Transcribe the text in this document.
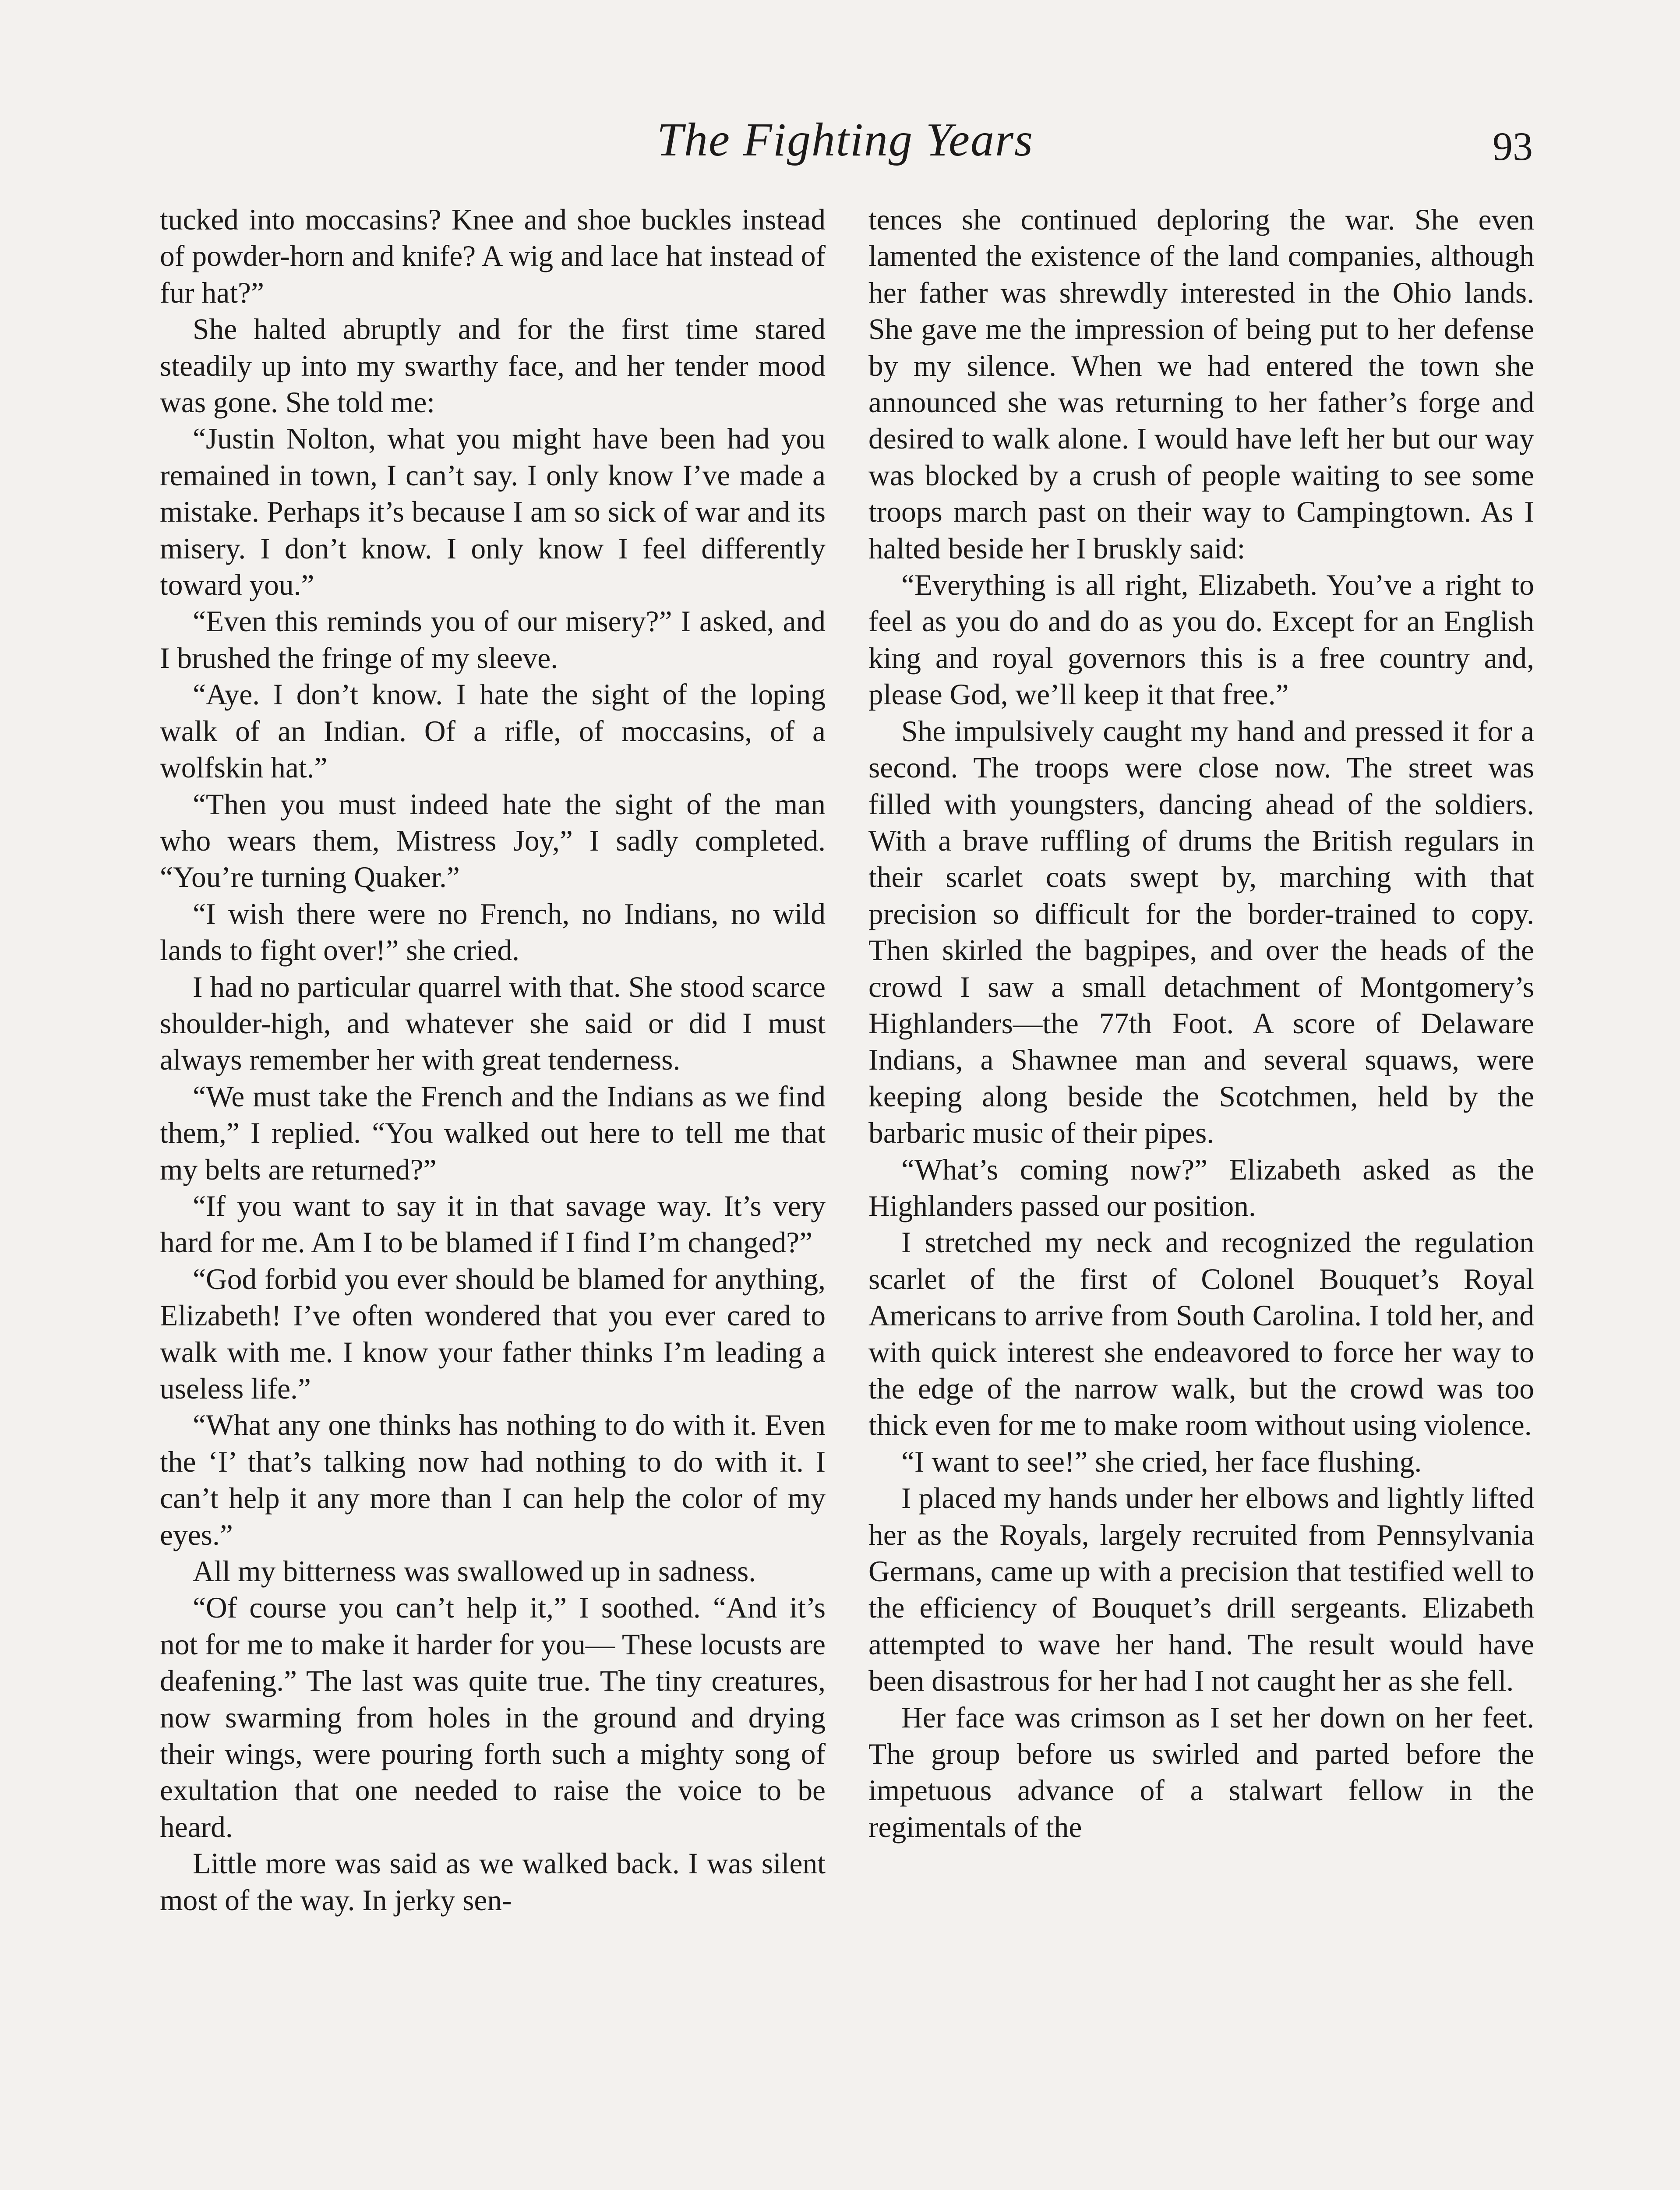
The Fighting Years	93

tucked into moccasins? Knee and shoe buckles instead of powder-horn and knife? A wig and lace hat instead of fur hat?”

She halted abruptly and for the first time stared steadily up into my swarthy face, and her tender mood was gone. She told me:

“Justin Nolton, what you might have been had you remained in town, I can’t say. I only know I’ve made a mistake. Perhaps it’s because I am so sick of war and its misery. I don’t know. I only know I feel differently toward you.”

“Even this reminds you of our misery?” I asked, and I brushed the fringe of my sleeve.

“Aye. I don’t know. I hate the sight of the loping walk of an Indian. Of a rifle, of moccasins, of a wolfskin hat.”

“Then you must indeed hate the sight of the man who wears them, Mistress Joy,” I sadly completed. “You’re turning Quaker.”

“I wish there were no French, no Indians, no wild lands to fight over!” she cried.

I had no particular quarrel with that. She stood scarce shoulder-high, and whatever she said or did I must always remember her with great tenderness.

“We must take the French and the Indians as we find them,” I replied. “You walked out here to tell me that my belts are returned?”

“If you want to say it in that savage way. It’s very hard for me. Am I to be blamed if I find I’m changed?”

“God forbid you ever should be blamed for anything, Elizabeth! I’ve often wondered that you ever cared to walk with me. I know your father thinks I’m leading a useless life.”

“What any one thinks has nothing to do with it. Even the ‘I’ that’s talking now had nothing to do with it. I can’t help it any more than I can help the color of my eyes.”

All my bitterness was swallowed up in sadness.

“Of course you can’t help it,” I soothed. “And it’s not for me to make it harder for you— These locusts are deafening.” The last was quite true. The tiny creatures, now swarming from holes in the ground and drying their wings, were pouring forth such a mighty song of exultation that one needed to raise the voice to be heard.

Little more was said as we walked back. I was silent most of the way. In jerky sen-

tences she continued deploring the war. She even lamented the existence of the land companies, although her father was shrewdly interested in the Ohio lands. She gave me the impression of being put to her defense by my silence. When we had entered the town she announced she was returning to her father’s forge and desired to walk alone. I would have left her but our way was blocked by a crush of people waiting to see some troops march past on their way to Campingtown. As I halted beside her I bruskly said:

“Everything is all right, Elizabeth. You’ve a right to feel as you do and do as you do. Except for an English king and royal governors this is a free country and, please God, we’ll keep it that free.”

She impulsively caught my hand and pressed it for a second. The troops were close now. The street was filled with youngsters, dancing ahead of the soldiers. With a brave ruffling of drums the British regulars in their scarlet coats swept by, marching with that precision so difficult for the border-trained to copy. Then skirled the bagpipes, and over the heads of the crowd I saw a small detachment of Montgomery’s Highlanders—the 77th Foot. A score of Delaware Indians, a Shawnee man and several squaws, were keeping along beside the Scotchmen, held by the barbaric music of their pipes.

“What’s coming now?” Elizabeth asked as the Highlanders passed our position.

I stretched my neck and recognized the regulation scarlet of the first of Colonel Bouquet’s Royal Americans to arrive from South Carolina. I told her, and with quick interest she endeavored to force her way to the edge of the narrow walk, but the crowd was too thick even for me to make room without using violence.

“I want to see!” she cried, her face flushing.

I placed my hands under her elbows and lightly lifted her as the Royals, largely recruited from Pennsylvania Germans, came up with a precision that testified well to the efficiency of Bouquet’s drill sergeants. Elizabeth attempted to wave her hand. The result would have been disastrous for her had I not caught her as she fell.

Her face was crimson as I set her down on her feet. The group before us swirled and parted before the impetuous advance of a stalwart fellow in the regimentals of the
